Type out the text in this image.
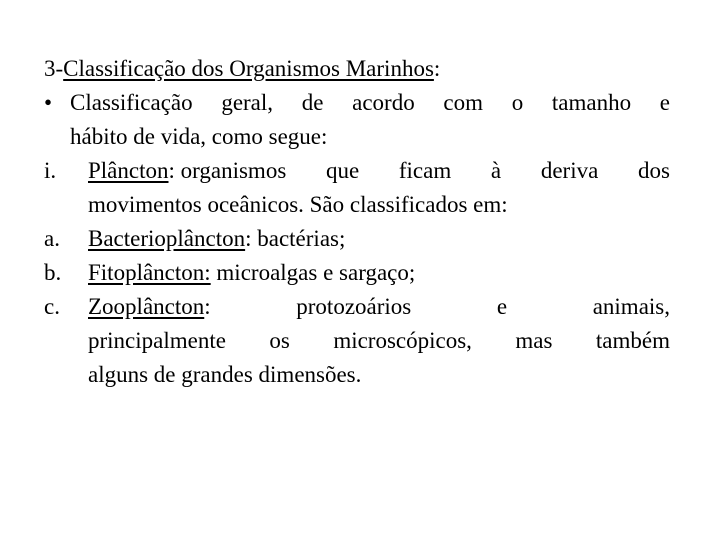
3-Classificação dos Organismos Marinhos:
• Classificação geral, de acordo com o tamanho e
hábito de vida, como segue:
i.	Plâncton: organismos que ficam à deriva dos
movimentos oceânicos. São classificados em:
a.	Bacterioplâncton: bactérias;
b.	Fitoplâncton: microalgas e sargaço;
c.	Zooplâncton:	protozoários	e	animais,
principalmente os microscópicos, mas também
alguns de grandes dimensões.
